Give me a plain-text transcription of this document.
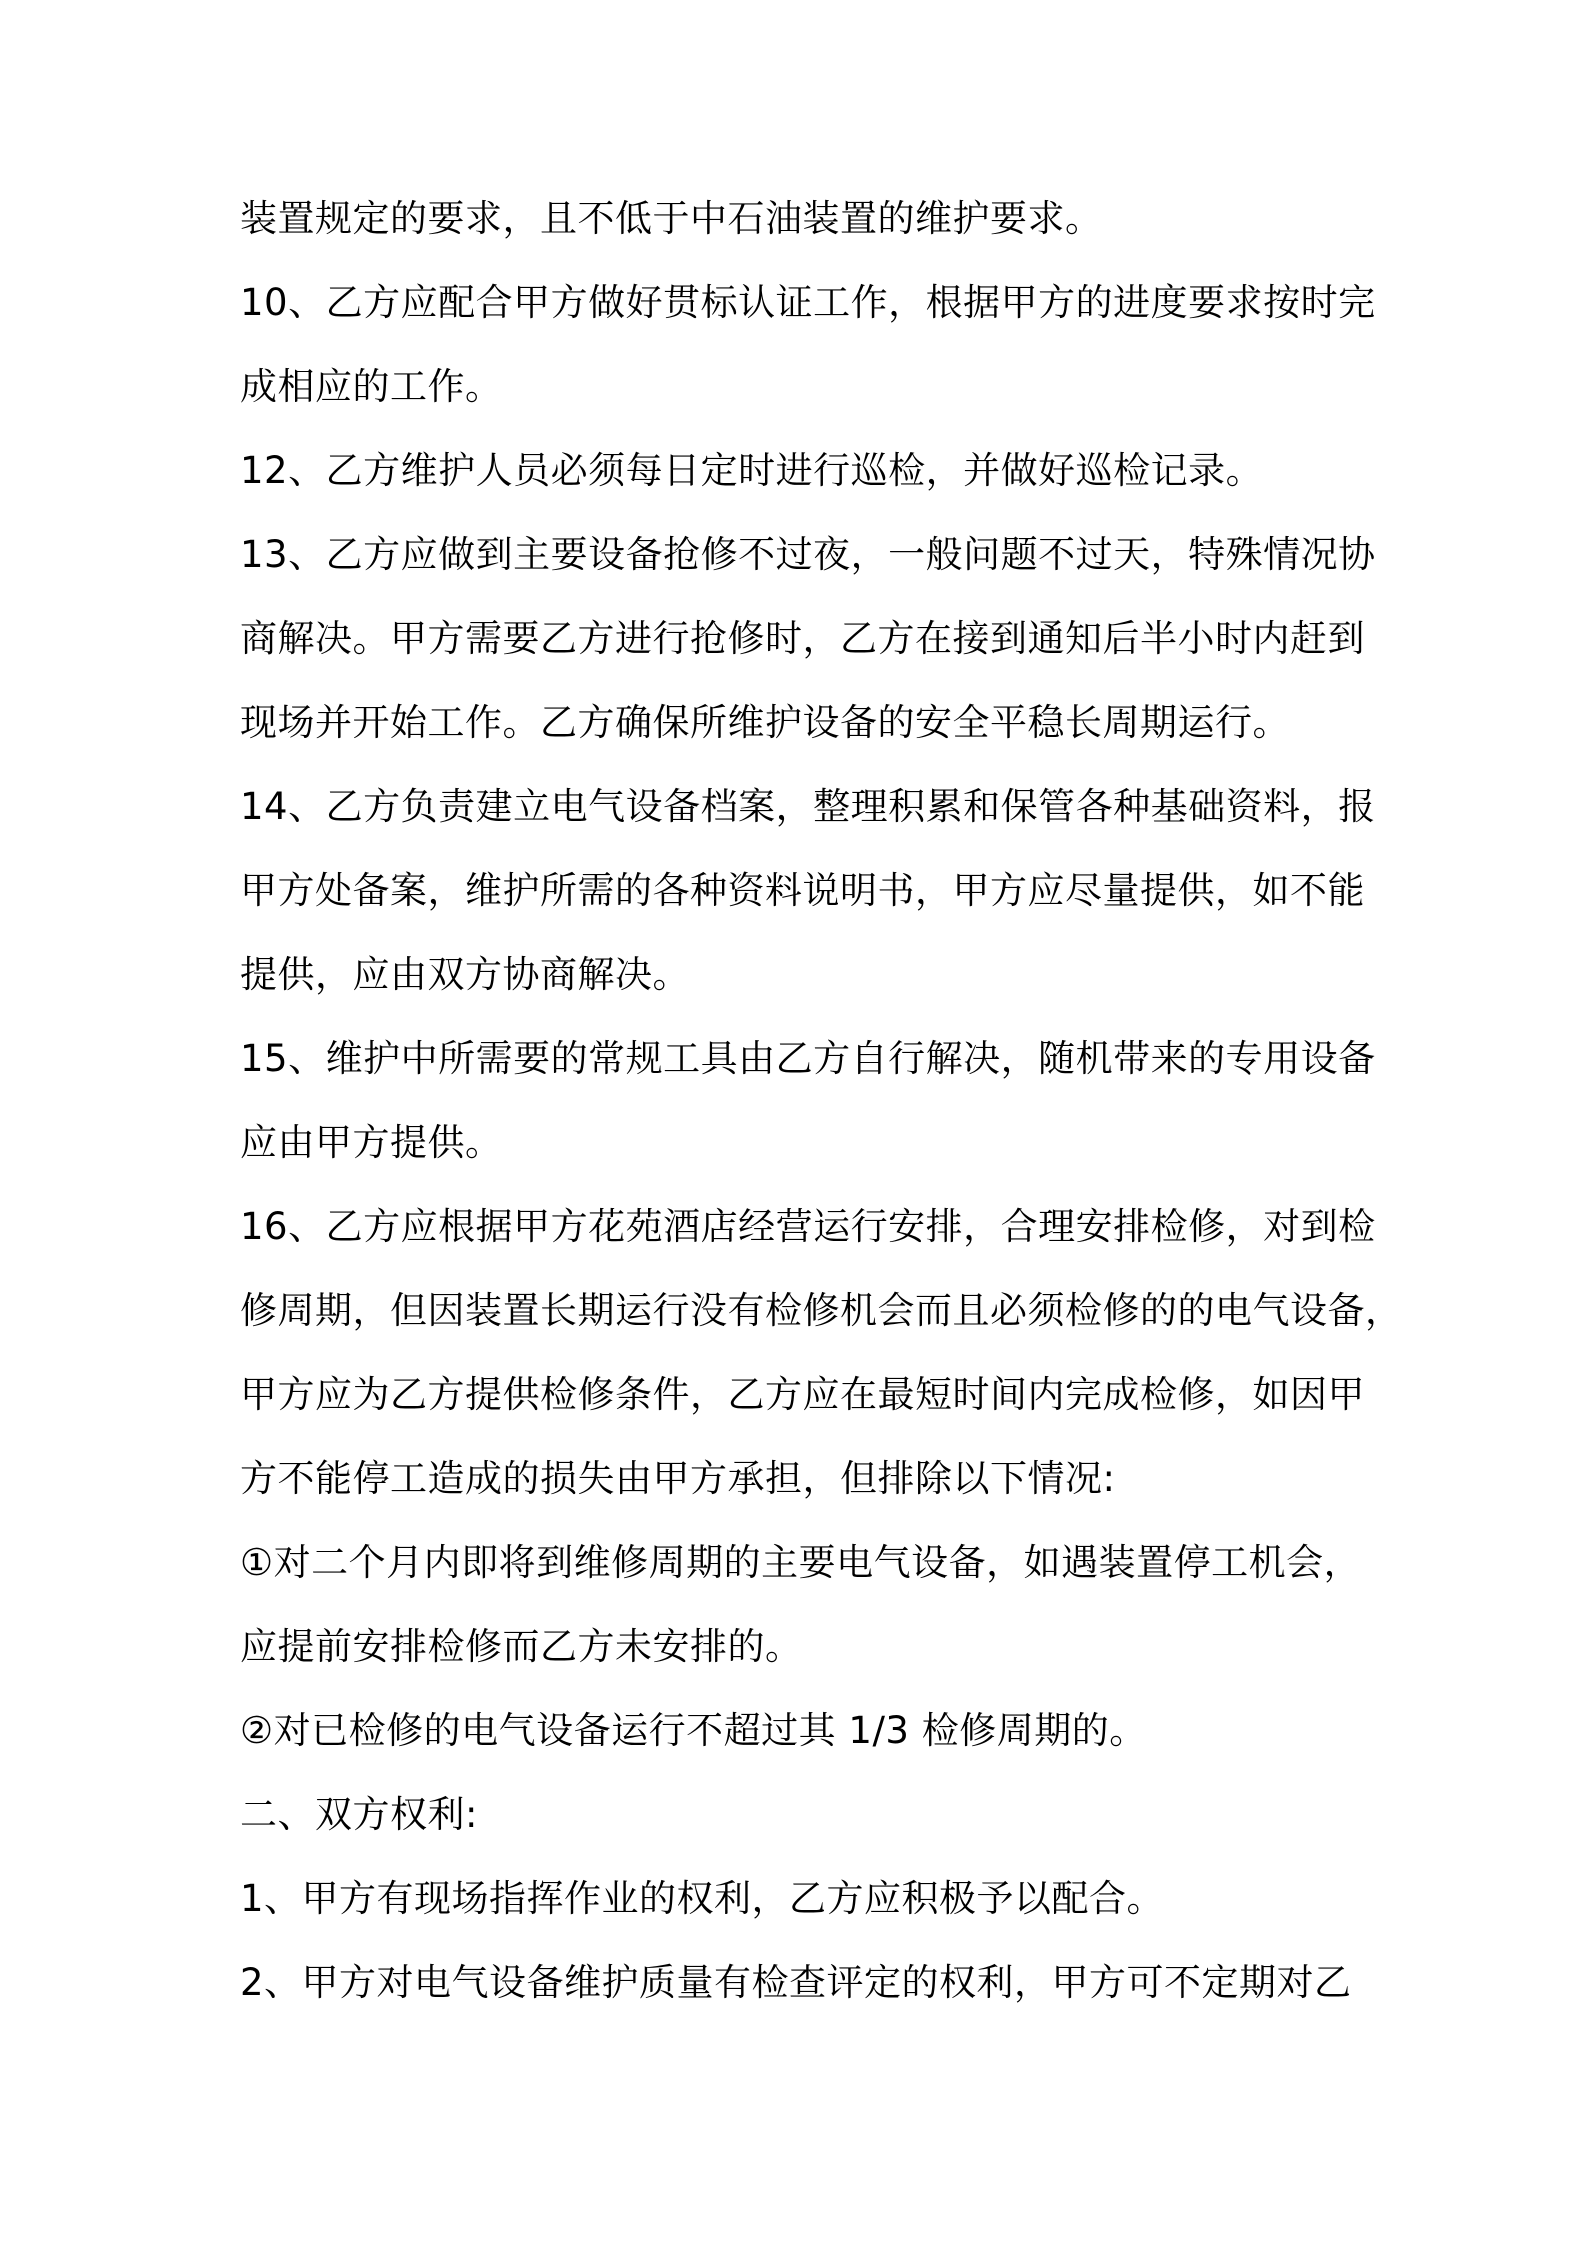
装置规定的要求，且不低于中石油装置的维护要求。
10、乙方应配合甲方做好贯标认证工作，根据甲方的进度要求按时完
成相应的工作。
12、乙方维护人员必须每日定时进行巡检，并做好巡检记录。
13、乙方应做到主要设备抢修不过夜，一般问题不过天，特殊情况协
商解决。甲方需要乙方进行抢修时，乙方在接到通知后半小时内赶到
现场并开始工作。乙方确保所维护设备的安全平稳长周期运行。
14、乙方负责建立电气设备档案，整理积累和保管各种基础资料，报
甲方处备案，维护所需的各种资料说明书，甲方应尽量提供，如不能
提供，应由双方协商解决。
15、维护中所需要的常规工具由乙方自行解决，随机带来的专用设备
应由甲方提供。
16、乙方应根据甲方花苑酒店经营运行安排，合理安排检修，对到检
修周期，但因装置长期运行没有检修机会而且必须检修的的电气设备，
甲方应为乙方提供检修条件，乙方应在最短时间内完成检修，如因甲
方不能停工造成的损失由甲方承担，但排除以下情况:
①对二个月内即将到维修周期的主要电气设备，如遇装置停工机会，
应提前安排检修而乙方未安排的。
②对已检修的电气设备运行不超过其 1/3 检修周期的。
二、双方权利:
1、甲方有现场指挥作业的权利，乙方应积极予以配合。
2、甲方对电气设备维护质量有检查评定的权利，甲方可不定期对乙
